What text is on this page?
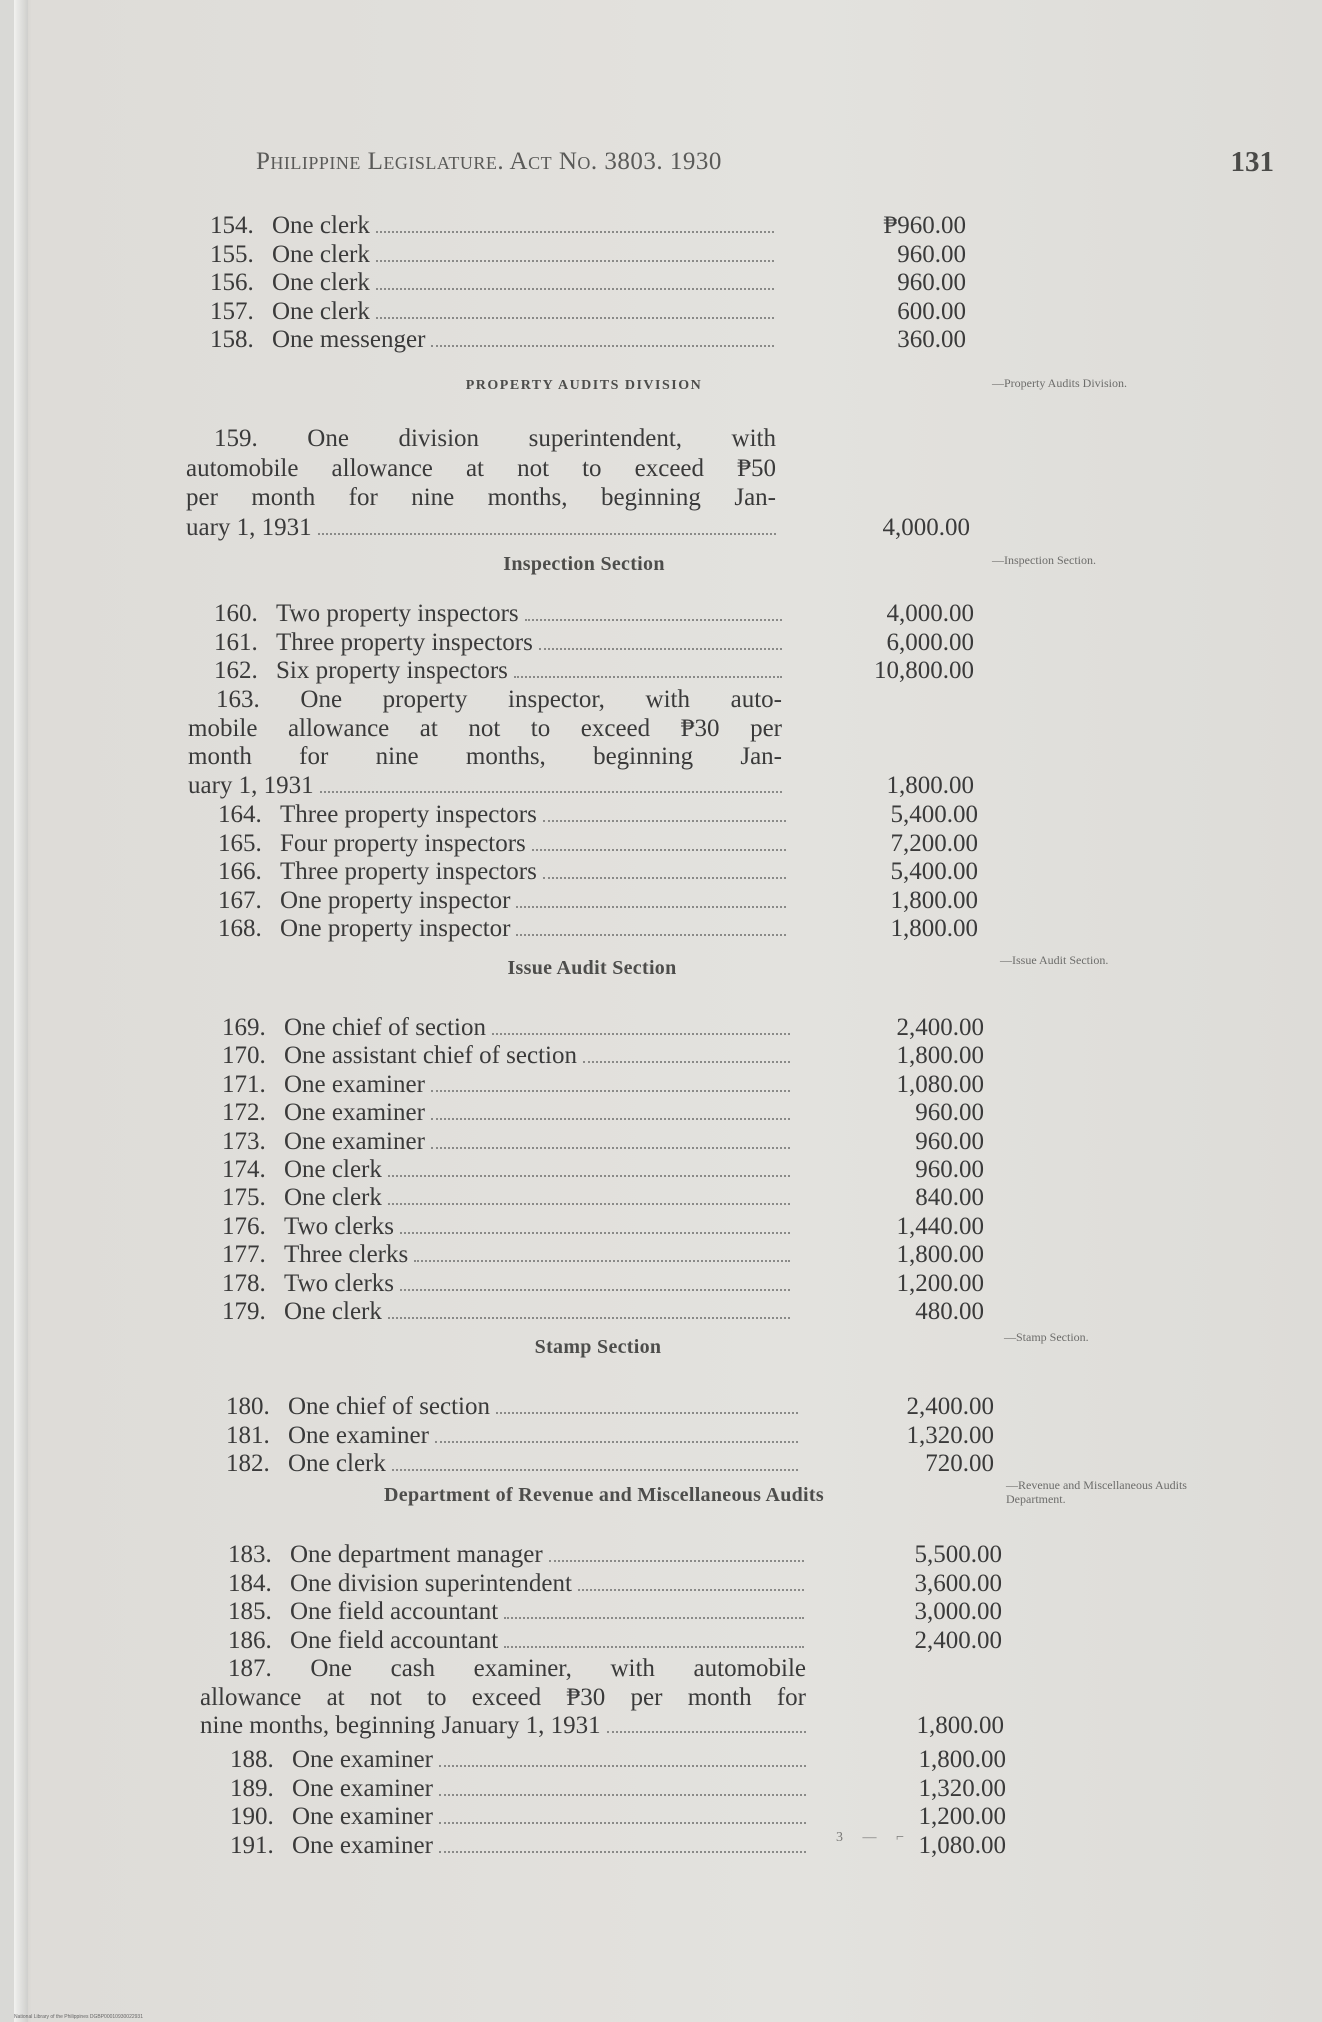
Philippine Legislature. Act No. 3803. 1930	131
154. One clerk	₱960.00
155. One clerk	960.00
156. One clerk	960.00
157. One clerk	600.00
158. One messenger	360.00
PROPERTY AUDITS DIVISION	—Property Audits Division.
159. One division superintendent, with
automobile allowance at not to exceed ₱50
per month for nine months, beginning Jan-
uary 1, 1931	4,000.00
Inspection Section	—Inspection Section.
160. Two property inspectors	4,000.00
161. Three property inspectors	6,000.00
162. Six property inspectors	10,800.00
163. One property inspector, with auto-
mobile allowance at not to exceed ₱30 per
month for nine months, beginning Jan-
uary 1, 1931	1,800.00
164. Three property inspectors	5,400.00
165. Four property inspectors	7,200.00
166. Three property inspectors	5,400.00
167. One property inspector	1,800.00
168. One property inspector	1,800.00
Issue Audit Section	—Issue Audit Section.
169. One chief of section	2,400.00
170. One assistant chief of section	1,800.00
171. One examiner	1,080.00
172. One examiner	960.00
173. One examiner	960.00
174. One clerk	960.00
175. One clerk	840.00
176. Two clerks	1,440.00
177. Three clerks	1,800.00
178. Two clerks	1,200.00
179. One clerk	480.00
Stamp Section	—Stamp Section.
180. One chief of section	2,400.00
181. One examiner	1,320.00
182. One clerk	720.00
Department of Revenue and Miscellaneous Audits	—Revenue and Miscellaneous Audits Department.
183. One department manager	5,500.00
184. One division superintendent	3,600.00
185. One field accountant	3,000.00
186. One field accountant	2,400.00
187. One cash examiner, with automobile
allowance at not to exceed ₱30 per month for
nine months, beginning January 1, 1931	1,800.00
188. One examiner	1,800.00
189. One examiner	1,320.00
190. One examiner	1,200.00
191. One examiner	1,080.00
3 — ⌐
National Library of the Philippines DGBP00010930022931
